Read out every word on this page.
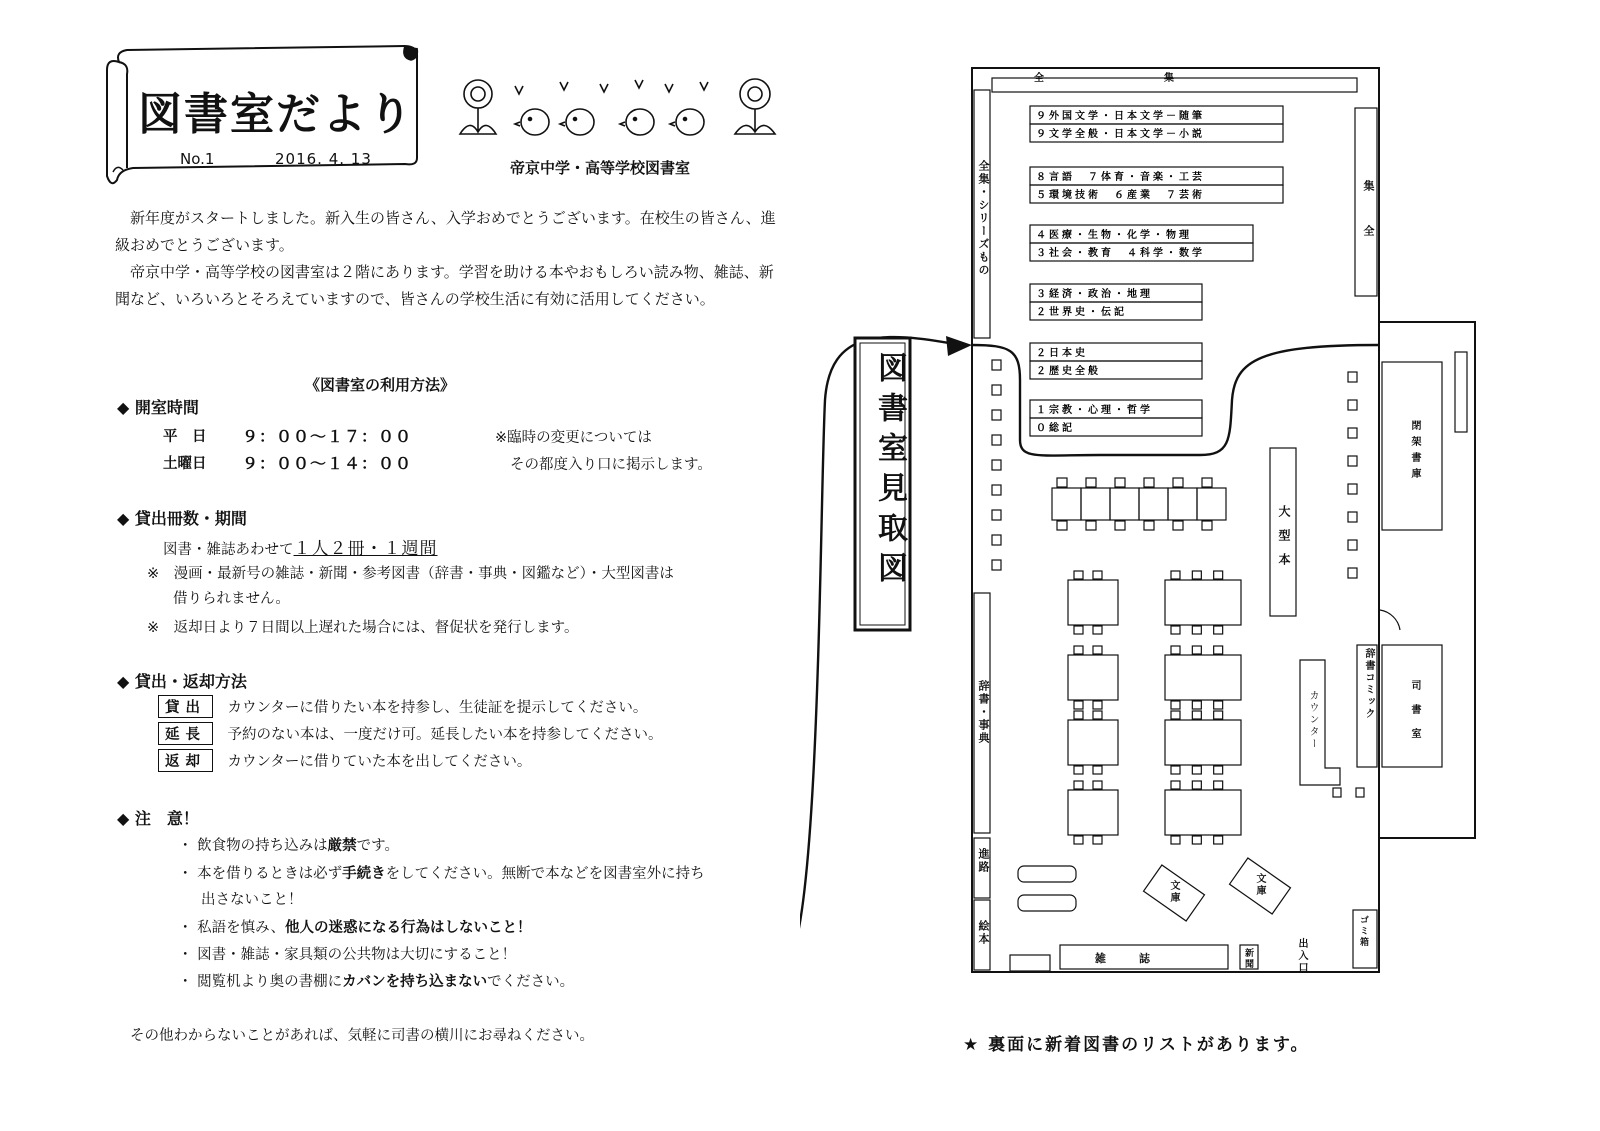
図書室だより
No.1	2016. 4. 13	帝京中学・高等学校図書室

新年度がスタートしました。新入生の皆さん、入学おめでとうございます。在校生の皆さん、進級おめでとうございます。

帝京中学・高等学校の図書室は２階にあります。学習を助ける本やおもしろい読み物、雑誌、新聞など、いろいろとそろえていますので、皆さんの学校生活に有効に活用してください。

《図書室の利用方法》
◆ 開室時間
平　日 ９：００～１７：００
土曜日 ９：００～１４：００
※臨時の変更については
その都度入り口に掲示します。
◆ 貸出冊数・期間
図書・雑誌あわせて１人２冊・１週間
※　漫画・最新号の雑誌・新聞・参考図書（辞書・事典・図鑑など）・大型図書は
借りられません。
※　返却日より７日間以上遅れた場合には、督促状を発行します。
◆ 貸出・返却方法
貸出　 カウンターに借りたい本を持参し、生徒証を提示してください。
延長　 予約のない本は、一度だけ可。延長したい本を持参してください。
返却　 カウンターに借りていた本を出してください。
◆ 注　意！
・ 飲食物の持ち込みは厳禁です。
・ 本を借りるときは必ず手続きをしてください。無断で本などを図書室外に持ち
出さないこと！
・ 私語を慎み、他人の迷惑になる行為はしないこと！
・ 図書・雑誌・家具類の公共物は大切にすること！
・ 閲覧机より奥の書棚にカバンを持ち込まないでください。
その他わからないことがあれば、気軽に司書の横川にお尋ねください。
９外国文学・日本文学－随筆
９文学全般・日本文学－小説
８言語　７体育・音楽・工芸
５環境技術　６産業　７芸術
４医療・生物・化学・物理
３社会・教育　４科学・数学
３経済・政治・地理
２世界史・伝記
２日本史
２歴史全般
１宗教・心理・哲学
０総記
図書室見取図
全　　　　　　　　　　　　集
全集・シリーズもの	集
全
辞書・事典
進路
絵本
雑　　　誌	新聞	出入口
ゴミ箱
文庫	文庫
大型本
カウンター	辞書コミック	司書室
閉架書庫
★ 裏面に新着図書のリストがあります。
